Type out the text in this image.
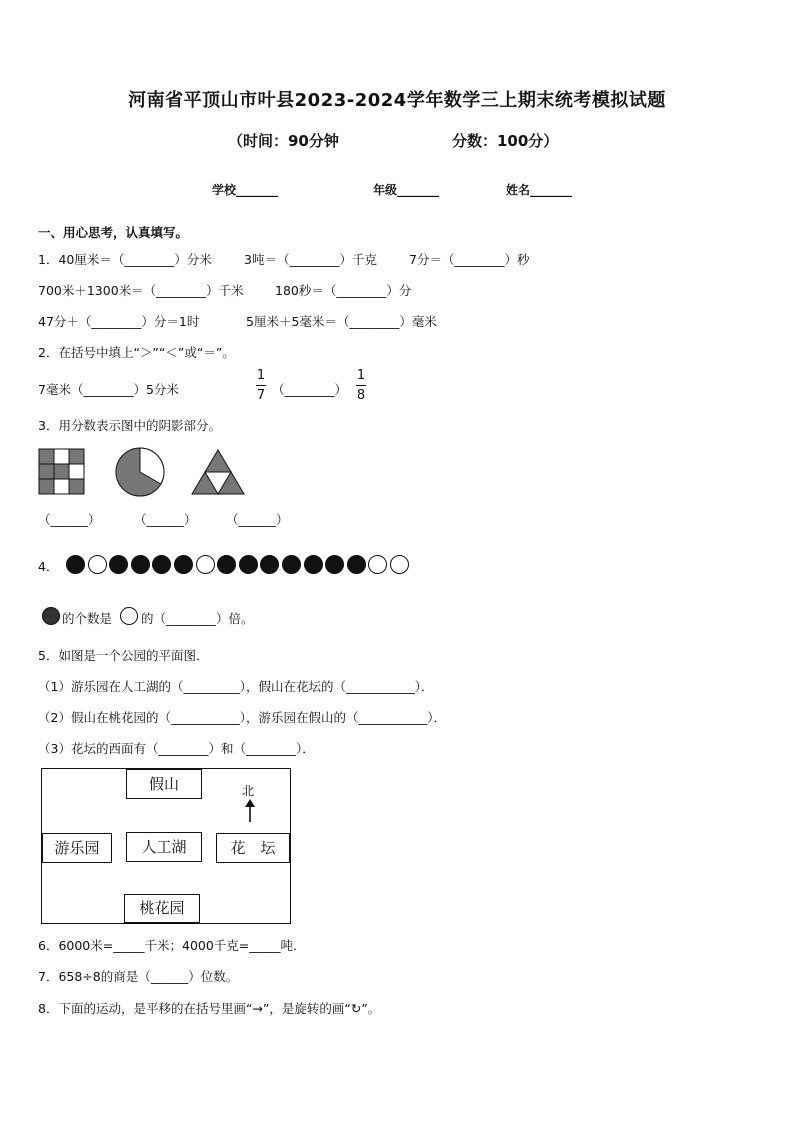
河南省平顶山市叶县2023-2024学年数学三上期末统考模拟试题
（时间：90分钟	分数：100分）
学校_______	年级_______	姓名_______
一、用心思考，认真填写。
1．40厘米＝（________）分米	3吨＝（________）千克	7分＝（________）秒
700米＋1300米＝（________）千米	180秒＝（________）分
47分＋（________）分＝1时	5厘米＋5毫米＝（________）毫米
2．在括号中填上“＞”“＜”或“＝”。
7毫米（________）5分米
1
7 （________）
1
8
3．用分数表示图中的阴影部分。
（______）	（______） （______）
4．
的个数是 的（________）倍。
5．如图是一个公园的平面图．
（1）游乐园在人工湖的（_________），假山在花坛的（___________）．
（2）假山在桃花园的（___________），游乐园在假山的（___________）．
（3）花坛的西面有（________）和（________）．
假山
游乐园	人工湖	花　坛
桃花园
北
6．6000米=_____千米；4000千克=_____吨．
7．658÷8的商是（______）位数。
8．下面的运动，是平移的在括号里画“→”，是旋转的画“↻”。
